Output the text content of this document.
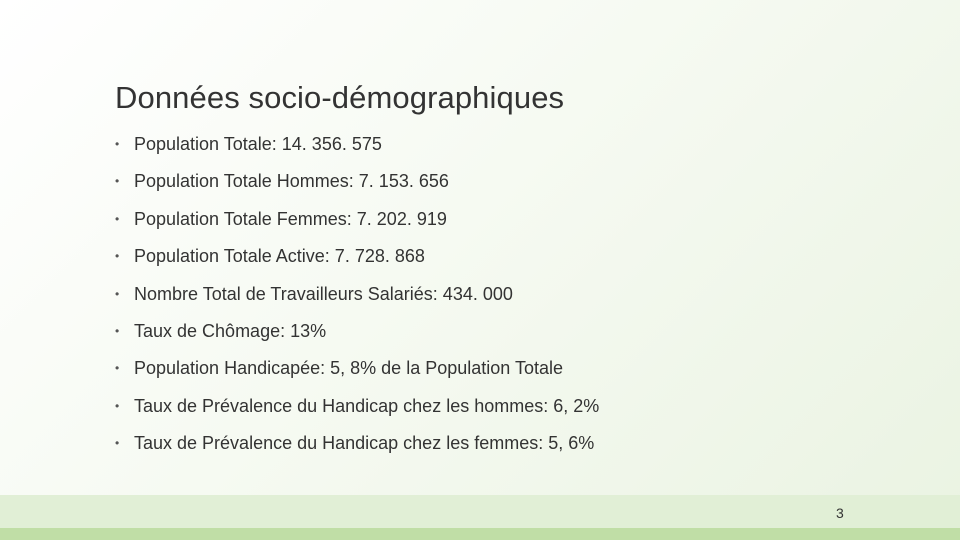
Données socio-démographiques
• Population Totale: 14. 356. 575
• Population Totale Hommes: 7. 153. 656
• Population Totale Femmes: 7. 202. 919
• Population Totale Active: 7. 728. 868
• Nombre Total de Travailleurs Salariés: 434. 000
• Taux de Chômage: 13%
• Population Handicapée: 5, 8% de la Population Totale
• Taux de Prévalence du Handicap chez les hommes: 6, 2%
• Taux de Prévalence du Handicap chez les femmes: 5, 6%
3
